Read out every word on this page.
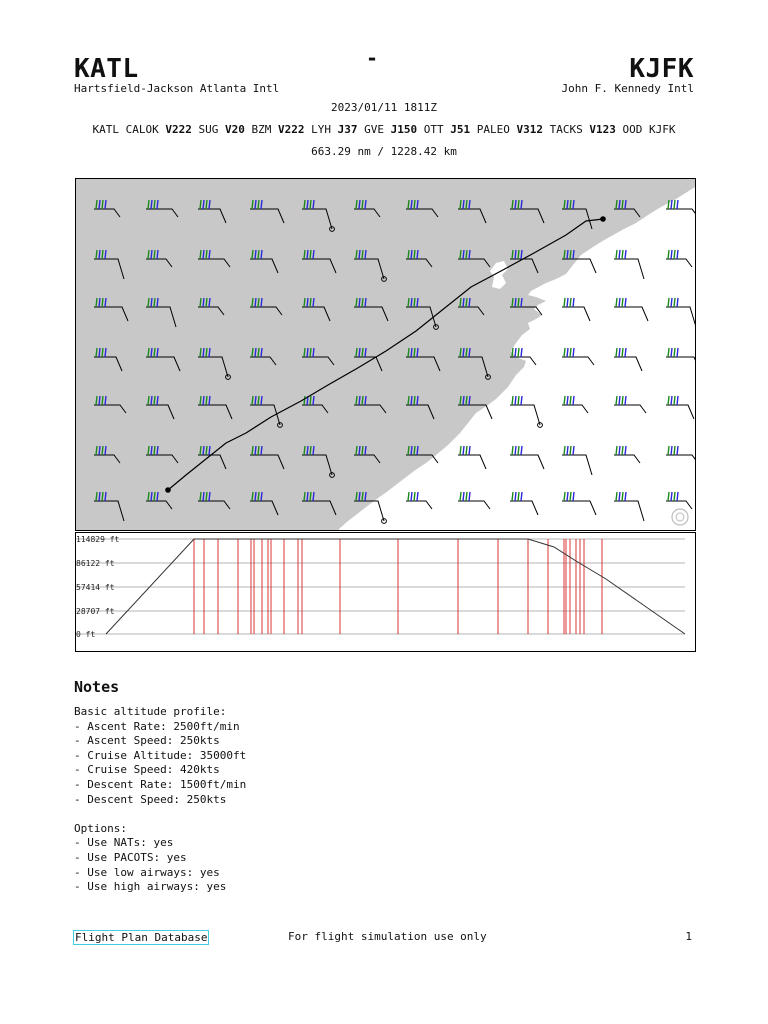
KATL	-	KJFK
Hartsfield-Jackson Atlanta Intl	John F. Kennedy Intl
2023/01/11 1811Z
KATL CALOK V222 SUG V20 BZM V222 LYH J37 GVE J150 OTT J51 PALEO V312 TACKS V123 OOD KJFK
663.29 nm / 1228.42 km
114829 ft
86122 ft
57414 ft
28707 ft
0 ft
Notes
Basic altitude profile:
- Ascent Rate: 2500ft/min
- Ascent Speed: 250kts
- Cruise Altitude: 35000ft
- Cruise Speed: 420kts
- Descent Rate: 1500ft/min
- Descent Speed: 250kts

Options:
- Use NATs: yes
- Use PACOTS: yes
- Use low airways: yes
- Use high airways: yes
Flight Plan Database	For flight simulation use only	1
